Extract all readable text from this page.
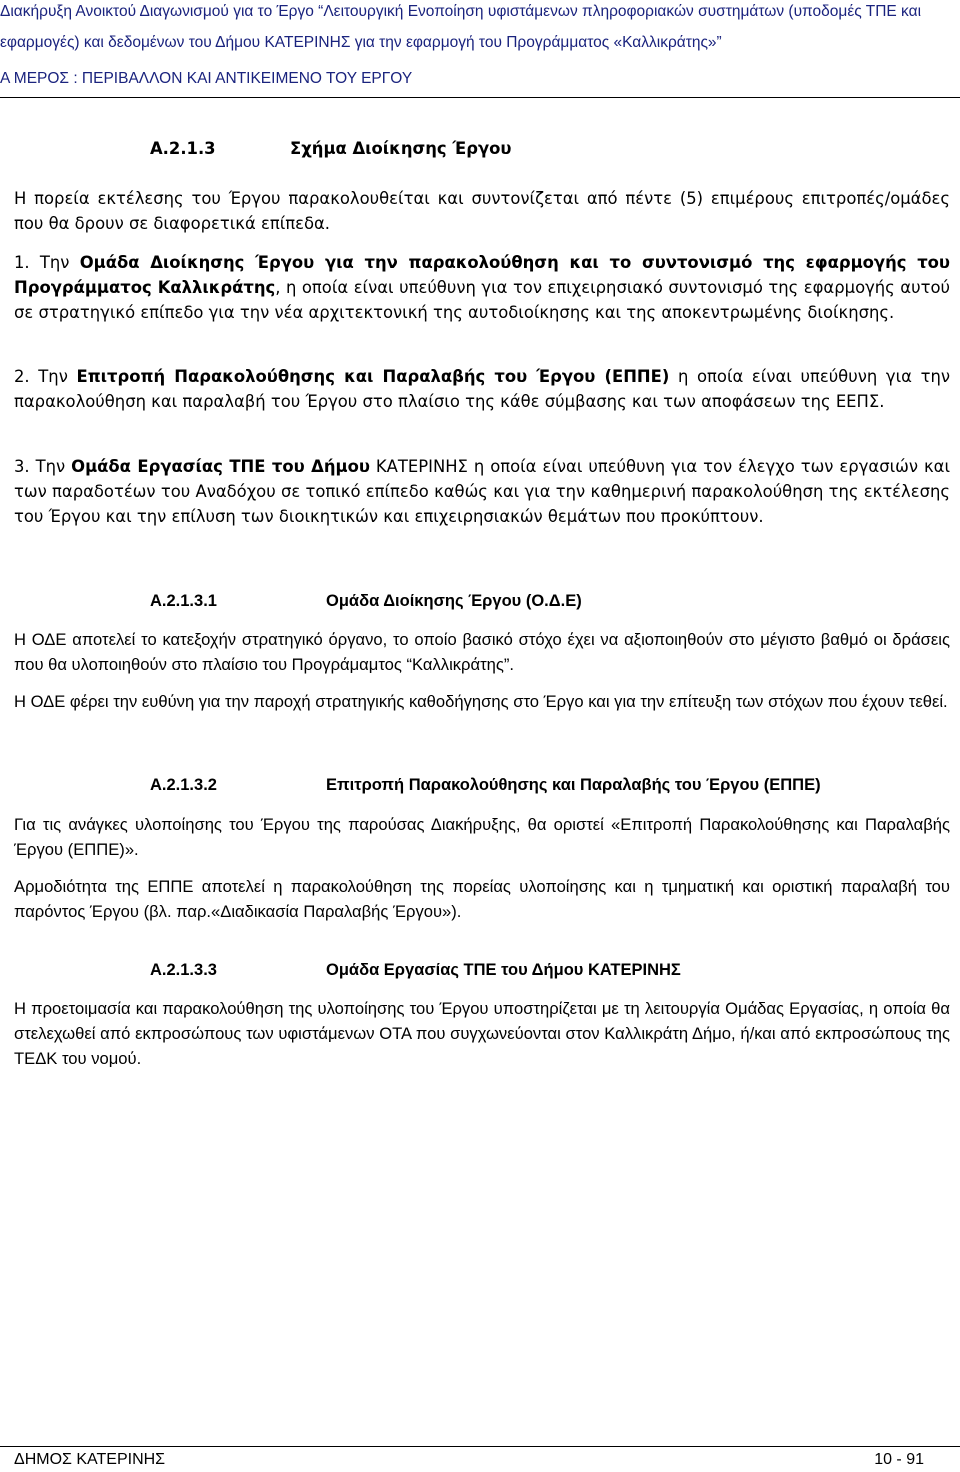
Διακήρυξη Ανοικτού Διαγωνισμού για το Έργο “Λειτουργική Ενοποίηση υφιστάμενων πληροφοριακών συστημάτων (υποδομές ΤΠΕ και
εφαρμογές) και δεδομένων του Δήμου ΚΑΤΕΡΙΝΗΣ για την εφαρμογή του Προγράμματος «Καλλικράτης»”
Α ΜΕΡΟΣ : ΠΕΡΙΒΑΛΛΟΝ ΚΑΙ ΑΝΤΙΚΕΙΜΕΝΟ ΤΟΥ ΕΡΓΟΥ
Α.2.1.3	Σχήμα Διοίκησης Έργου
Η πορεία εκτέλεσης του Έργου παρακολουθείται και συντονίζεται από πέντε (5) επιμέρους επιτροπές/ομάδες που θα δρουν σε διαφορετικά επίπεδα.
1. Την Ομάδα Διοίκησης Έργου για την παρακολούθηση και το συντονισμό της εφαρμογής του Προγράμματος Καλλικράτης, η οποία είναι υπεύθυνη για τον επιχειρησιακό συντονισμό της εφαρμογής αυτού σε στρατηγικό επίπεδο για την νέα αρχιτεκτονική της αυτοδιοίκησης και της αποκεντρωμένης διοίκησης.
2. Την Επιτροπή Παρακολούθησης και Παραλαβής του Έργου (ΕΠΠΕ) η οποία είναι υπεύθυνη για την παρακολούθηση και παραλαβή του Έργου στο πλαίσιο της κάθε σύμβασης και των αποφάσεων της ΕΕΠΣ.
3. Την Ομάδα Εργασίας ΤΠΕ του Δήμου ΚΑΤΕΡΙΝΗΣ η οποία είναι υπεύθυνη για τον έλεγχο των εργασιών και των παραδοτέων του Αναδόχου σε τοπικό επίπεδο καθώς και για την καθημερινή παρακολούθηση της εκτέλεσης του Έργου και την επίλυση των διοικητικών και επιχειρησιακών θεμάτων που προκύπτουν.
Α.2.1.3.1	Ομάδα Διοίκησης Έργου (Ο.Δ.Ε)
Η ΟΔΕ αποτελεί το κατεξοχήν στρατηγικό όργανο, το οποίο βασικό στόχο έχει να αξιοποιηθούν στο μέγιστο βαθμό οι δράσεις που θα υλοποιηθούν στο πλαίσιο του Προγράμαμτος “Καλλικράτης”.
Η ΟΔΕ φέρει την ευθύνη για την παροχή στρατηγικής καθοδήγησης στο Έργο και για την επίτευξη των στόχων που έχουν τεθεί.
Α.2.1.3.2	Επιτροπή Παρακολούθησης και Παραλαβής του Έργου (ΕΠΠΕ)
Για τις ανάγκες υλοποίησης του Έργου της παρούσας Διακήρυξης, θα οριστεί «Επιτροπή Παρακολούθησης και Παραλαβής Έργου (ΕΠΠΕ)».
Αρμοδιότητα της ΕΠΠΕ αποτελεί η παρακολούθηση της πορείας υλοποίησης και η τμηματική και οριστική παραλαβή του παρόντος Έργου (βλ. παρ.«Διαδικασία Παραλαβής Έργου»).
Α.2.1.3.3	Ομάδα Εργασίας ΤΠΕ του Δήμου ΚΑΤΕΡΙΝΗΣ
Η προετοιμασία και παρακολούθηση της υλοποίησης του Έργου υποστηρίζεται με τη λειτουργία Ομάδας Εργασίας, η οποία θα στελεχωθεί από εκπροσώπους των υφιστάμενων ΟΤΑ που συγχωνεύονται στον Καλλικράτη Δήμο, ή/και από εκπροσώπους της ΤΕΔΚ του νομού.
ΔΗΜΟΣ ΚΑΤΕΡΙΝΗΣ	10 - 91
